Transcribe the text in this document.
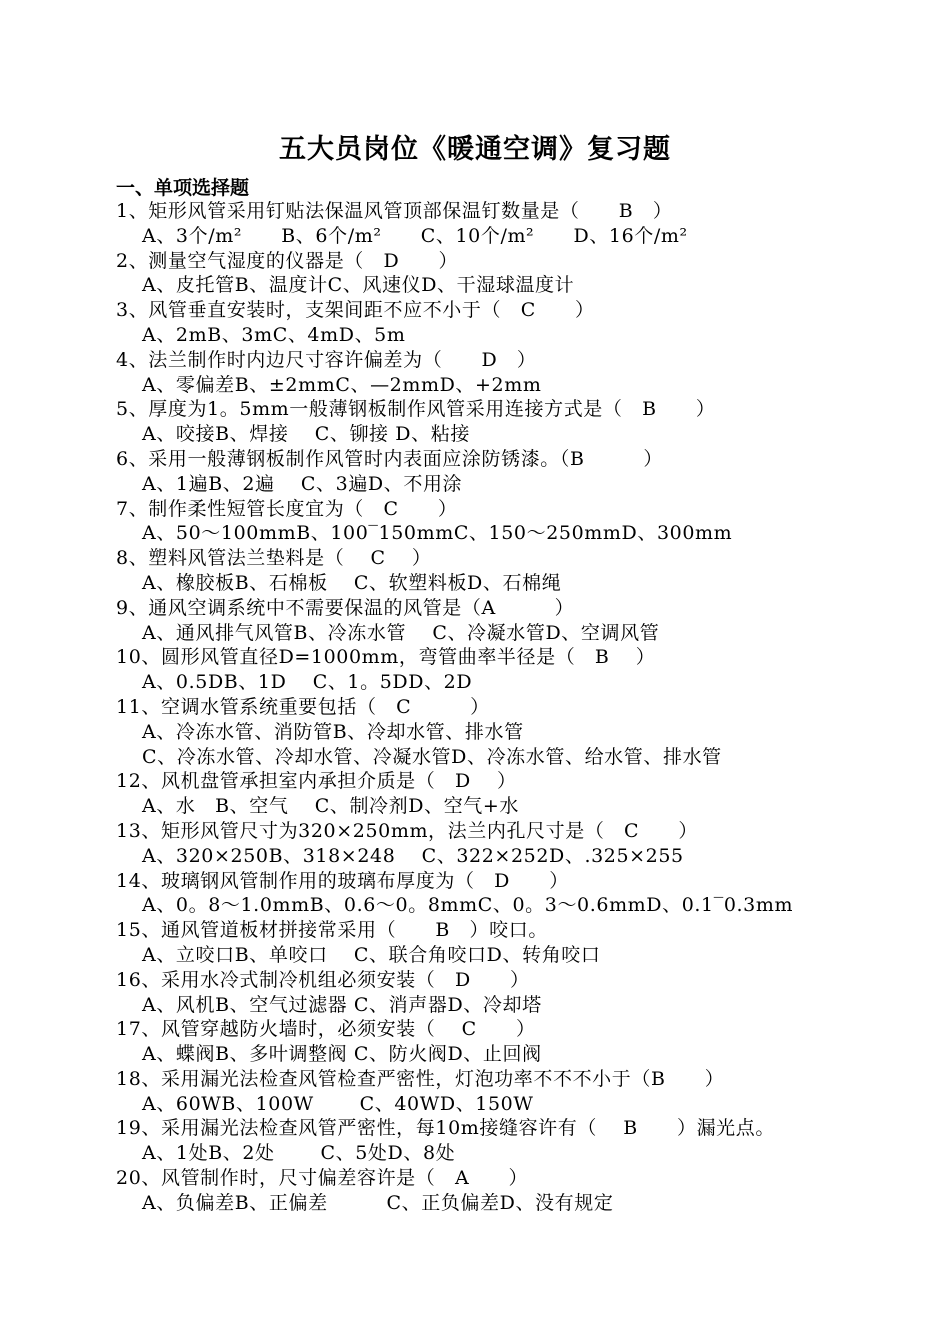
五大员岗位《暖通空调》复习题
一、单项选择题
1、矩形风管采用钉贴法保温风管顶部保温钉数量是（　　B　）
A、3个/m²　　B、6个/m²　　C、10个/m²　　D、16个/m²
2、测量空气湿度的仪器是（　D　　）
A、皮托管B、温度计C、风速仪D、干湿球温度计
3、风管垂直安装时，支架间距不应不小于（　C　　）
A、2mB、3mC、4mD、5m
4、法兰制作时内边尺寸容许偏差为（　　D　）
A、零偏差B、±2mmC、—2mmD、+2mm
5、厚度为1。5mm一般薄钢板制作风管采用连接方式是（　B　　）
A、咬接B、焊接　 C、铆接 D、粘接
6、采用一般薄钢板制作风管时内表面应涂防锈漆。（B　　　）
A、1遍B、2遍　 C、3遍D、不用涂
7、制作柔性短管长度宜为（　C　　）
A、50～100mmB、100‾150mmC、150～250mmD、300mm
8、塑料风管法兰垫料是（　 C　 ）
A、橡胶板B、石棉板　 C、软塑料板D、石棉绳
9、通风空调系统中不需要保温的风管是（A　　　）
A、通风排气风管B、冷冻水管　 C、冷凝水管D、空调风管
10、圆形风管直径D=1000mm，弯管曲率半径是（　B　 ）
A、0.5DB、1D　 C、1。5DD、2D
11、空调水管系统重要包括（　C　　　）
A、冷冻水管、消防管B、冷却水管、排水管
C、冷冻水管、冷却水管、冷凝水管D、冷冻水管、给水管、排水管
12、风机盘管承担室内承担介质是（　D　 ）
A、水　B、空气　 C、制冷剂D、空气+水
13、矩形风管尺寸为320×250mm，法兰内孔尺寸是（　C　　）
A、320×250B、318×248　 C、322×252D、.325×255
14、玻璃钢风管制作用的玻璃布厚度为（　D　　）
A、0。8～1.0mmB、0.6～0。8mmC、0。3～0.6mmD、0.1‾0.3mm
15、通风管道板材拼接常采用（　　B　）咬口。
A、立咬口B、单咬口　 C、联合角咬口D、转角咬口
16、采用水冷式制冷机组必须安装（　D　　）
A、风机B、空气过滤器 C、消声器D、冷却塔
17、风管穿越防火墙时，必须安装（　 C　　）
A、蝶阀B、多叶调整阀 C、防火阀D、止回阀
18、采用漏光法检查风管检查严密性，灯泡功率不不不小于（B　　）
A、60WB、100W　　 C、40WD、150W
19、采用漏光法检查风管严密性，每10m接缝容许有（　 B　　）漏光点。
A、1处B、2处　　 C、5处D、8处
20、风管制作时，尺寸偏差容许是（　A　　）
A、负偏差B、正偏差　　　C、正负偏差D、没有规定
